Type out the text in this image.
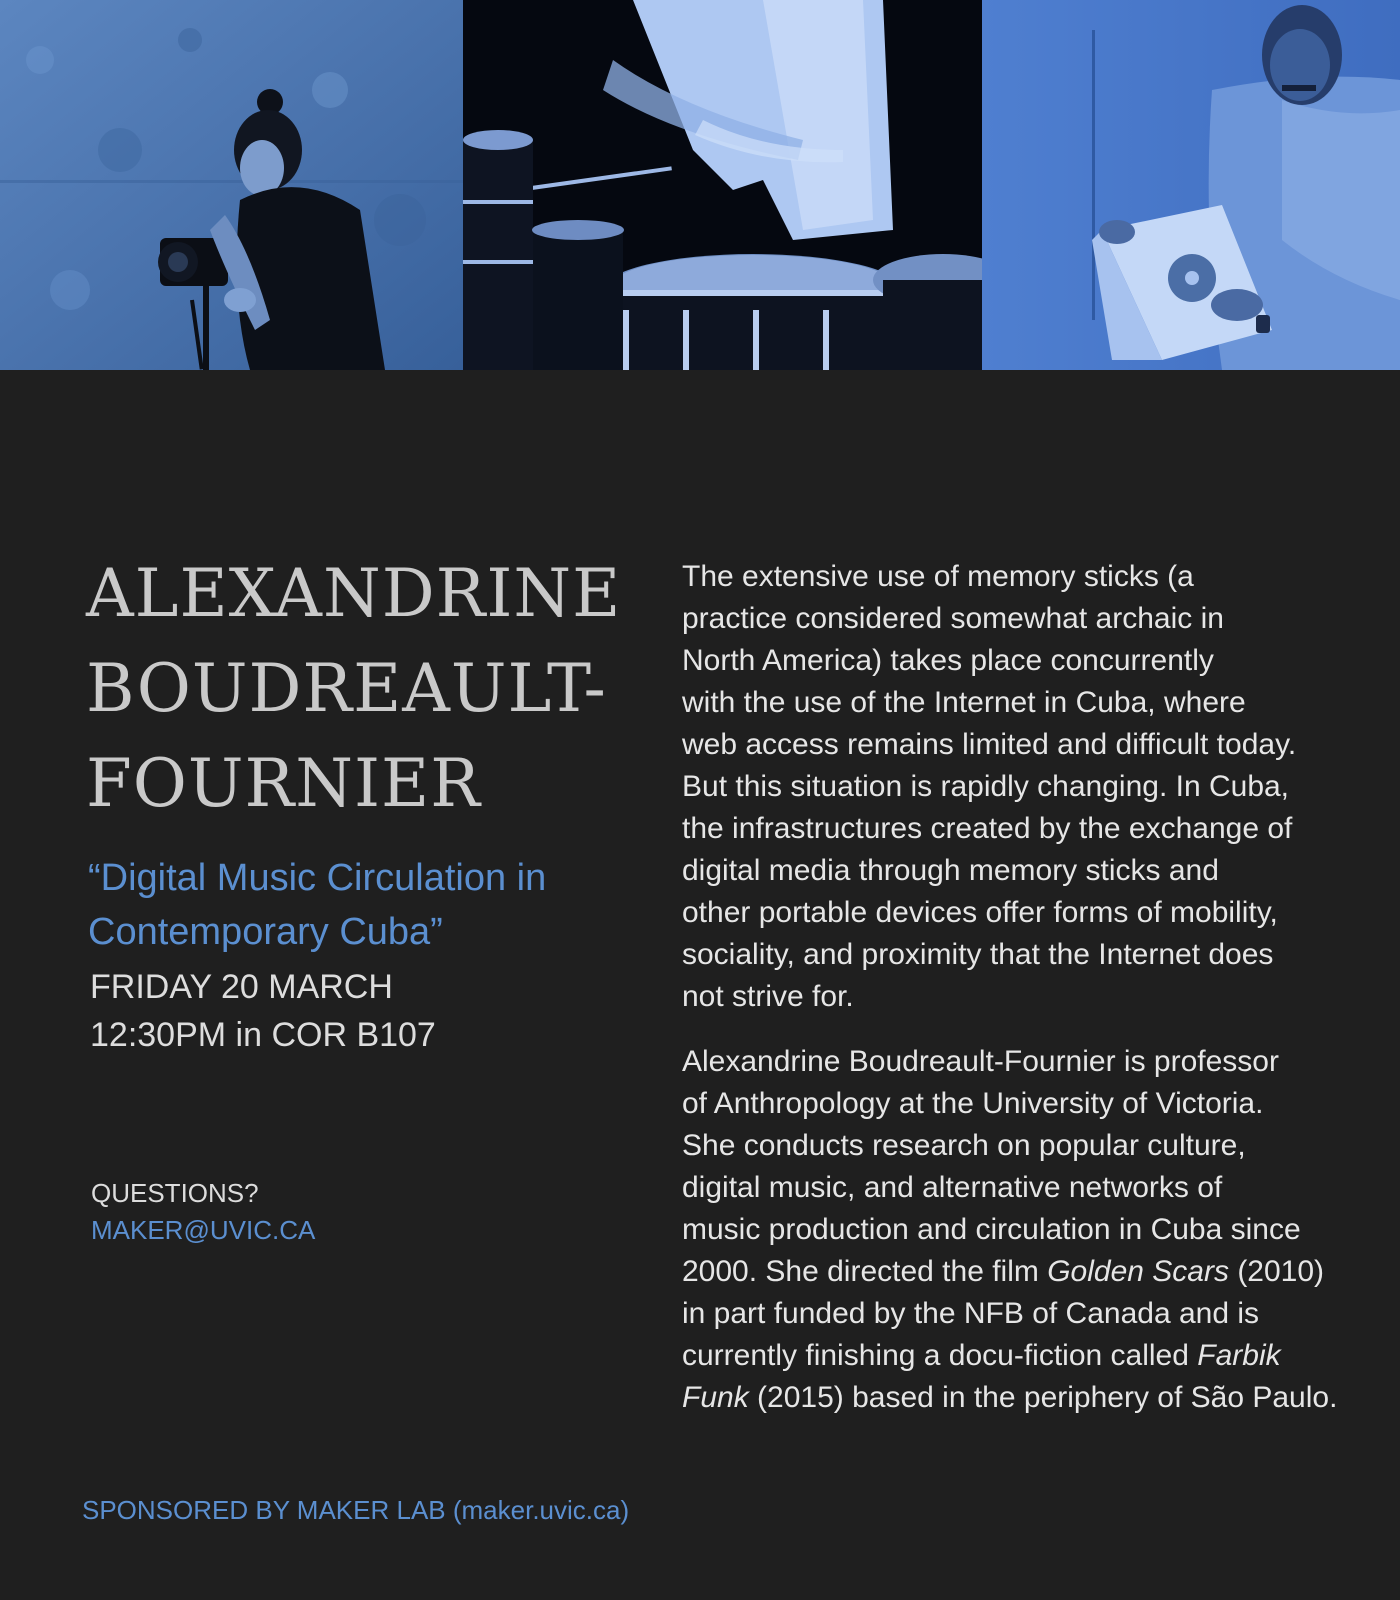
ALEXANDRINE
BOUDREAULT-
FOURNIER
“Digital Music Circulation in
Contemporary Cuba”
FRIDAY 20 MARCH
12:30PM in COR B107
QUESTIONS?
MAKER@UVIC.CA
SPONSORED BY MAKER LAB (maker.uvic.ca)

The extensive use of memory sticks (a
practice considered somewhat archaic in
North America) takes place concurrently
with the use of the Internet in Cuba, where
web access remains limited and difficult today.
But this situation is rapidly changing. In Cuba,
the infrastructures created by the exchange of
digital media through memory sticks and
other portable devices offer forms of mobility,
sociality, and proximity that the Internet does
not strive for.

Alexandrine Boudreault-Fournier is professor
of Anthropology at the University of Victoria.
She conducts research on popular culture,
digital music, and alternative networks of
music production and circulation in Cuba since
2000. She directed the film Golden Scars (2010)
in part funded by the NFB of Canada and is
currently finishing a docu-fiction called Farbik
Funk (2015) based in the periphery of São Paulo.
